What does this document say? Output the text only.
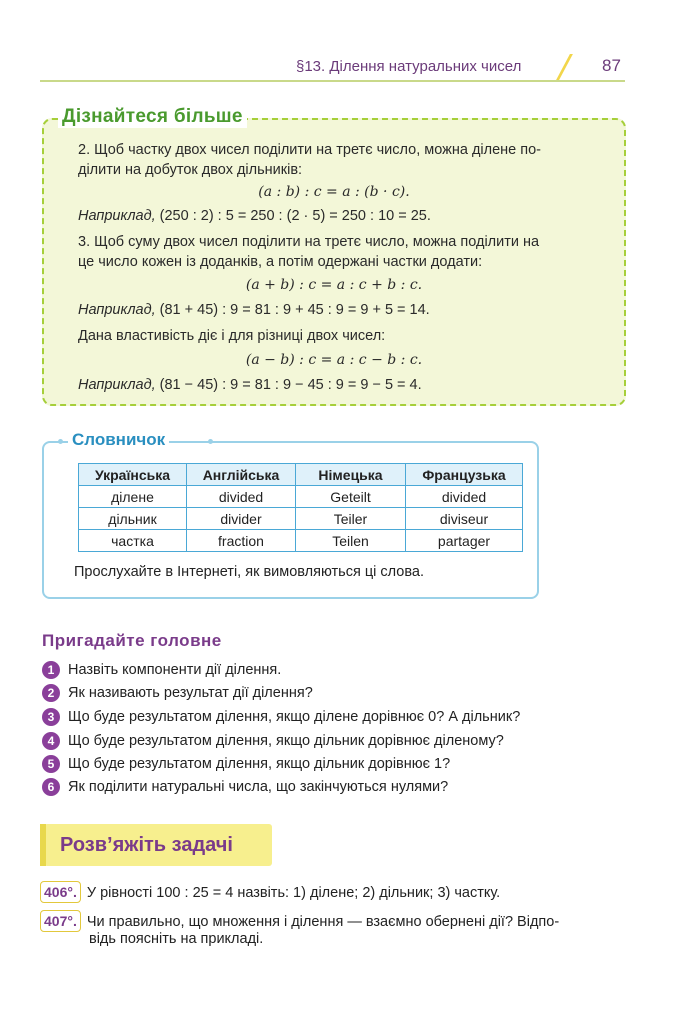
§13. Ділення натуральних чисел	87

2. Щоб частку двох чисел поділити на третє число, можна ділене по-

ділити на добуток двох дільників:

(a : b) : c = a : (b · c).

Наприклад, (250 : 2) : 5 = 250 : (2 · 5) = 250 : 10 = 25.

3. Щоб суму двох чисел поділити на третє число, можна поділити на

це число кожен із доданків, а потім одержані частки додати:

(a + b) : c = a : c + b : c.

Наприклад, (81 + 45) : 9 = 81 : 9 + 45 : 9 = 9 + 5 = 14.

Дана властивість діє і для різниці двох чисел:

(a − b) : c = a : c − b : c.

Наприклад, (81 − 45) : 9 = 81 : 9 − 45 : 9 = 9 − 5 = 4.

Дізнайтеся більше
Словничок
Українська	Англійська	Німецька	Французька
ділене	divided	Geteilt	divided
дільник	divider	Teiler	diviseur
частка	fraction	Teilen	partager
Прослухайте в Інтернеті, як вимовляються ці слова.
Пригадайте головне
1 Назвіть компоненти дії ділення.
2 Як називають результат дії ділення?
3 Що буде результатом ділення, якщо ділене дорівнює 0? А дільник?
4 Що буде результатом ділення, якщо дільник дорівнює діленому?
5 Що буде результатом ділення, якщо дільник дорівнює 1?
6 Як поділити натуральні числа, що закінчуються нулями?
Розв’яжіть задачі
406°. У рівності 100 : 25 = 4 назвіть: 1) ділене; 2) дільник; 3) частку.
407°. Чи правильно, що множення і ділення — взаємно обернені дії? Відпо-
відь поясніть на прикладі.
